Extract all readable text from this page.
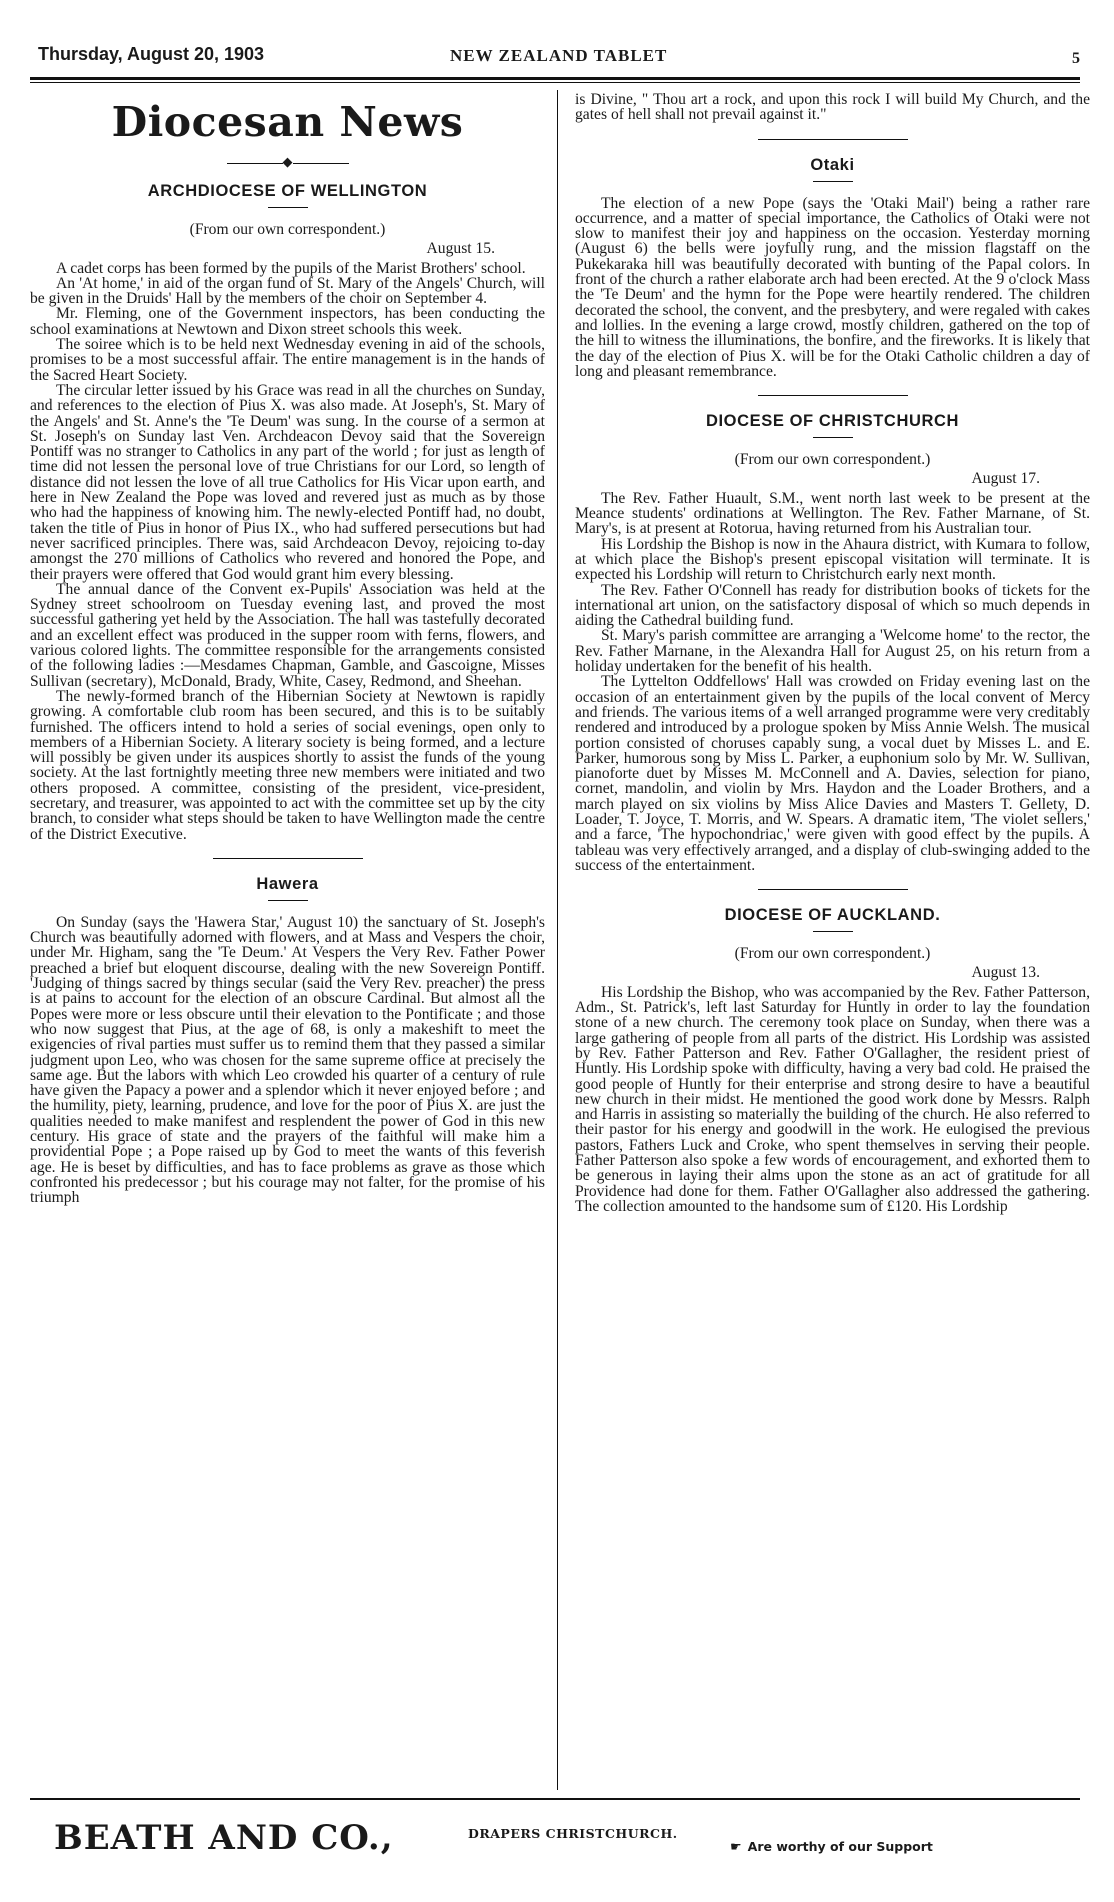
Thursday, August 20, 1903	NEW ZEALAND TABLET	5
Diocesan News
◆
ARCHDIOCESE OF WELLINGTON

(From our own correspondent.)

August 15.

A cadet corps has been formed by the pupils of the Marist Brothers' school.

An 'At home,' in aid of the organ fund of St. Mary of the Angels' Church, will be given in the Druids' Hall by the members of the choir on September 4.

Mr. Fleming, one of the Government inspectors, has been conducting the school examinations at Newtown and Dixon street schools this week.

The soiree which is to be held next Wednesday evening in aid of the schools, promises to be a most successful affair. The entire management is in the hands of the Sacred Heart Society.

The circular letter issued by his Grace was read in all the churches on Sunday, and references to the election of Pius X. was also made. At Joseph's, St. Mary of the Angels' and St. Anne's the 'Te Deum' was sung. In the course of a sermon at St. Joseph's on Sunday last Ven. Archdeacon Devoy said that the Sovereign Pontiff was no stranger to Catholics in any part of the world ; for just as length of time did not lessen the personal love of true Christians for our Lord, so length of distance did not lessen the love of all true Catholics for His Vicar upon earth, and here in New Zealand the Pope was loved and revered just as much as by those who had the happiness of knowing him. The newly-elected Pontiff had, no doubt, taken the title of Pius in honor of Pius IX., who had suffered persecutions but had never sacrificed principles. There was, said Archdeacon Devoy, rejoicing to-day amongst the 270 millions of Catholics who revered and honored the Pope, and their prayers were offered that God would grant him every blessing.

The annual dance of the Convent ex-Pupils' Association was held at the Sydney street schoolroom on Tuesday evening last, and proved the most successful gathering yet held by the Association. The hall was tastefully decorated and an excellent effect was produced in the supper room with ferns, flowers, and various colored lights. The committee responsible for the arrangements consisted of the following ladies :—Mesdames Chapman, Gamble, and Gascoigne, Misses Sullivan (secretary), McDonald, Brady, White, Casey, Redmond, and Sheehan.

The newly-formed branch of the Hibernian Society at Newtown is rapidly growing. A comfortable club room has been secured, and this is to be suitably furnished. The officers intend to hold a series of social evenings, open only to members of a Hibernian Society. A literary society is being formed, and a lecture will possibly be given under its auspices shortly to assist the funds of the young society. At the last fortnightly meeting three new members were initiated and two others proposed. A committee, consisting of the president, vice-president, secretary, and treasurer, was appointed to act with the committee set up by the city branch, to consider what steps should be taken to have Wellington made the centre of the District Executive.

Hawera

On Sunday (says the 'Hawera Star,' August 10) the sanctuary of St. Joseph's Church was beautifully adorned with flowers, and at Mass and Vespers the choir, under Mr. Higham, sang the 'Te Deum.' At Vespers the Very Rev. Father Power preached a brief but eloquent discourse, dealing with the new Sovereign Pontiff. 'Judging of things sacred by things secular (said the Very Rev. preacher) the press is at pains to account for the election of an obscure Cardinal. But almost all the Popes were more or less obscure until their elevation to the Pontificate ; and those who now suggest that Pius, at the age of 68, is only a makeshift to meet the exigencies of rival parties must suffer us to remind them that they passed a similar judgment upon Leo, who was chosen for the same supreme office at precisely the same age. But the labors with which Leo crowded his quarter of a century of rule have given the Papacy a power and a splendor which it never enjoyed before ; and the humility, piety, learning, prudence, and love for the poor of Pius X. are just the qualities needed to make manifest and resplendent the power of God in this new century. His grace of state and the prayers of the faithful will make him a providential Pope ; a Pope raised up by God to meet the wants of this feverish age. He is beset by difficulties, and has to face problems as grave as those which confronted his predecessor ; but his courage may not falter, for the promise of his triumph

is Divine, " Thou art a rock, and upon this rock I will build My Church, and the gates of hell shall not prevail against it."

Otaki

The election of a new Pope (says the 'Otaki Mail') being a rather rare occurrence, and a matter of special importance, the Catholics of Otaki were not slow to manifest their joy and happiness on the occasion. Yesterday morning (August 6) the bells were joyfully rung, and the mission flagstaff on the Pukekaraka hill was beautifully decorated with bunting of the Papal colors. In front of the church a rather elaborate arch had been erected. At the 9 o'clock Mass the 'Te Deum' and the hymn for the Pope were heartily rendered. The children decorated the school, the convent, and the presbytery, and were regaled with cakes and lollies. In the evening a large crowd, mostly children, gathered on the top of the hill to witness the illuminations, the bonfire, and the fireworks. It is likely that the day of the election of Pius X. will be for the Otaki Catholic children a day of long and pleasant remembrance.

DIOCESE OF CHRISTCHURCH

(From our own correspondent.)

August 17.

The Rev. Father Huault, S.M., went north last week to be present at the Meance students' ordinations at Wellington. The Rev. Father Marnane, of St. Mary's, is at present at Rotorua, having returned from his Australian tour.

His Lordship the Bishop is now in the Ahaura district, with Kumara to follow, at which place the Bishop's present episcopal visitation will terminate. It is expected his Lordship will return to Christchurch early next month.

The Rev. Father O'Connell has ready for distribution books of tickets for the international art union, on the satisfactory disposal of which so much depends in aiding the Cathedral building fund.

St. Mary's parish committee are arranging a 'Welcome home' to the rector, the Rev. Father Marnane, in the Alexandra Hall for August 25, on his return from a holiday undertaken for the benefit of his health.

The Lyttelton Oddfellows' Hall was crowded on Friday evening last on the occasion of an entertainment given by the pupils of the local convent of Mercy and friends. The various items of a well arranged programme were very creditably rendered and introduced by a prologue spoken by Miss Annie Welsh. The musical portion consisted of choruses capably sung, a vocal duet by Misses L. and E. Parker, humorous song by Miss L. Parker, a euphonium solo by Mr. W. Sullivan, pianoforte duet by Misses M. McConnell and A. Davies, selection for piano, cornet, mandolin, and violin by Mrs. Haydon and the Loader Brothers, and a march played on six violins by Miss Alice Davies and Masters T. Gellety, D. Loader, T. Joyce, T. Morris, and W. Spears. A dramatic item, 'The violet sellers,' and a farce, 'The hypochondriac,' were given with good effect by the pupils. A tableau was very effectively arranged, and a display of club-swinging added to the success of the entertainment.

DIOCESE OF AUCKLAND.

(From our own correspondent.)

August 13.

His Lordship the Bishop, who was accompanied by the Rev. Father Patterson, Adm., St. Patrick's, left last Saturday for Huntly in order to lay the foundation stone of a new church. The ceremony took place on Sunday, when there was a large gathering of people from all parts of the district. His Lordship was assisted by Rev. Father Patterson and Rev. Father O'Gallagher, the resident priest of Huntly. His Lordship spoke with difficulty, having a very bad cold. He praised the good people of Huntly for their enterprise and strong desire to have a beautiful new church in their midst. He mentioned the good work done by Messrs. Ralph and Harris in assisting so materially the building of the church. He also referred to their pastor for his energy and goodwill in the work. He eulogised the previous pastors, Fathers Luck and Croke, who spent themselves in serving their people. Father Patterson also spoke a few words of encouragement, and exhorted them to be generous in laying their alms upon the stone as an act of gratitude for all Providence had done for them. Father O'Gallagher also addressed the gathering. The collection amounted to the handsome sum of £120. His Lordship

BEATH AND CO.,	DRAPERS CHRISTCHURCH.
☛ Are worthy of our Support
